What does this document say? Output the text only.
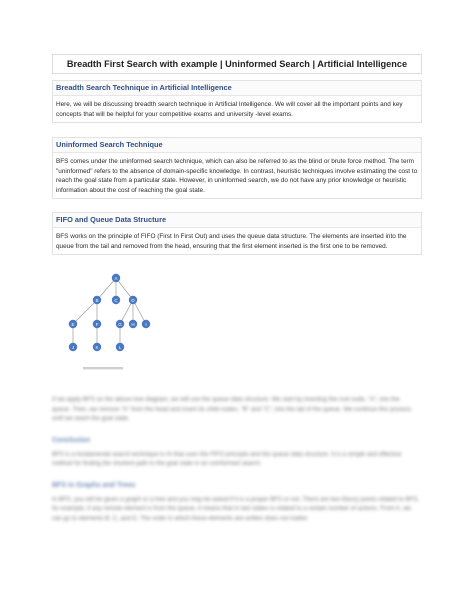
Breadth First Search with example | Uninformed Search | Artificial Intelligence
Breadth Search Technique in Artificial Intelligence
Here, we will be discussing breadth search technique in Artificial Intelligence. We will cover all the important points and key concepts that will be helpful for your competitive exams and university -level exams.
Uninformed Search Technique
BFS comes under the uninformed search technique, which can also be referred to as the blind or brute force method. The term "uninformed" refers to the absence of domain-specific knowledge. In contrast, heuristic techniques involve estimating the cost to reach the goal state from a particular state. However, in uninformed search, we do not have any prior knowledge or heuristic information about the cost of reaching the goal state.
FIFO and Queue Data Structure
BFS works on the principle of FIFO (First In First Out) and uses the queue data structure. The elements are inserted into the queue from the tail and removed from the head, ensuring that the first element inserted is the first one to be removed.
A
B	C	D
E	F	G H I
J	K	L
If we apply BFS on the above tree diagram, we will use the queue data structure. We start by inserting the root node, "A", into the queue. Then, we remove "A" from the head and insert its child nodes, "B" and "C", into the tail of the queue. We continue this process until we reach the goal state.
Conclusion
BFS is a fundamental search technique in AI that uses the FIFO principle and the queue data structure. It is a simple and effective method for finding the shortest path to the goal state in an uninformed search.
BFS in Graphs and Trees
In BFS, you will be given a graph or a tree and you may be asked if it is a proper BFS or not. There are two theory points related to BFS, for example, if any remote element is from the queue, it means that in last states is related to a certain number of actions. From A, we can go to elements B, C, and D. The order in which these elements are written does not matter.
